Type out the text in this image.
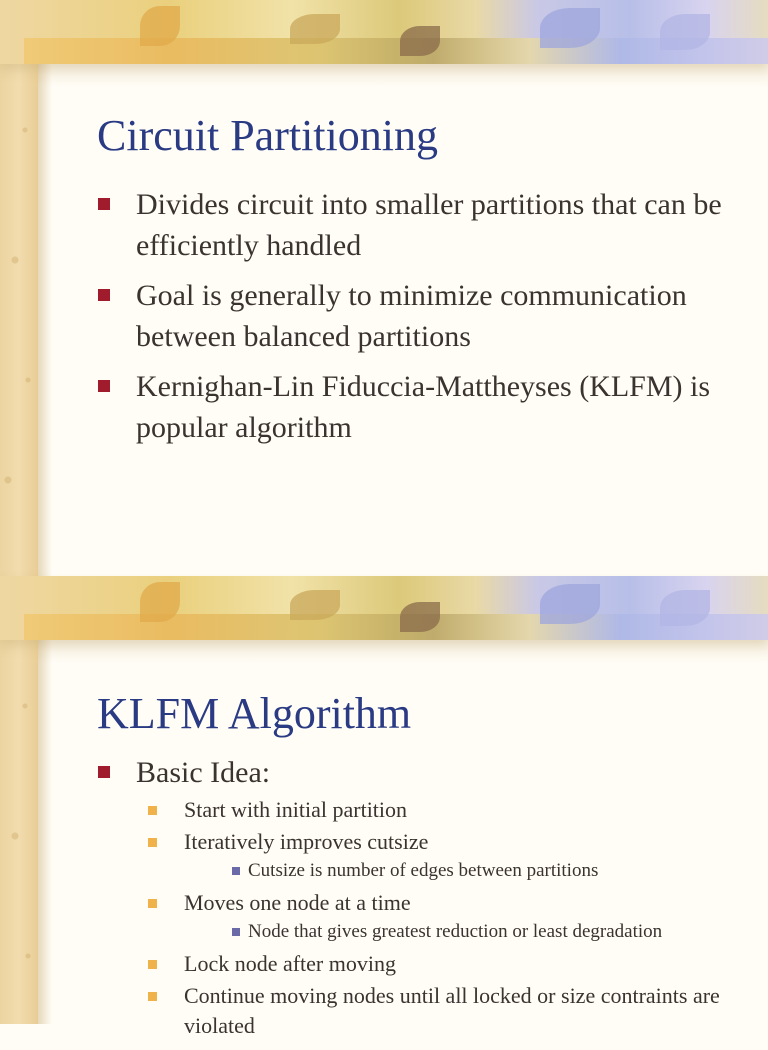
Circuit Partitioning
Divides circuit into smaller partitions that can be efficiently handled
Goal is generally to minimize communication between balanced partitions
Kernighan-Lin Fiduccia-Mattheyses (KLFM) is popular algorithm
KLFM Algorithm
Basic Idea:
Start with initial partition
Iteratively improves cutsize
Cutsize is number of edges between partitions
Moves one node at a time
Node that gives greatest reduction or least degradation
Lock node after moving
Continue moving nodes until all locked or size contraints are violated
